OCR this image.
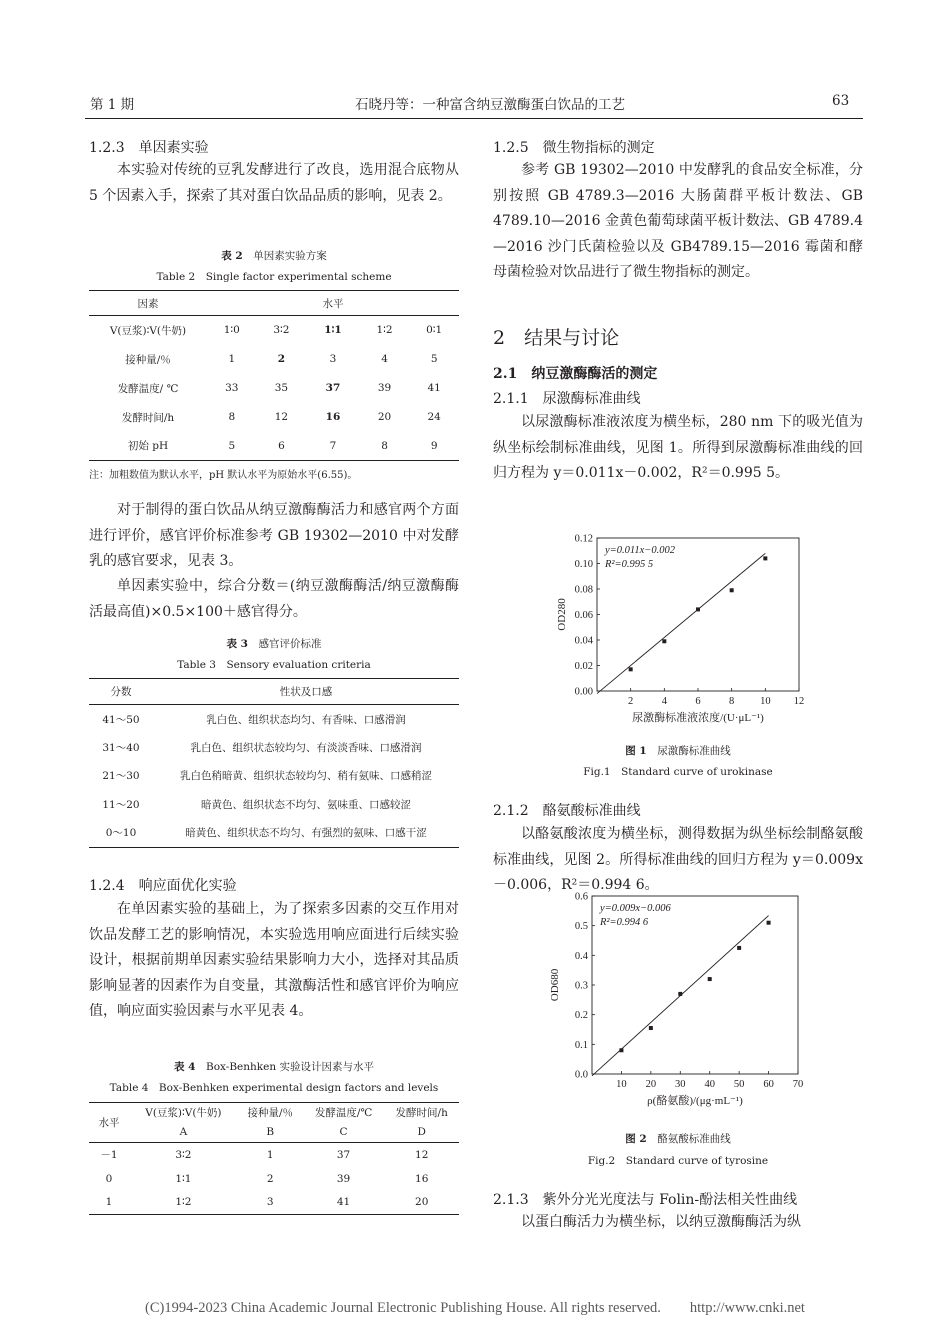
第 1 期	石晓丹等：一种富含纳豆激酶蛋白饮品的工艺	63
1.2.3　单因素实验

本实验对传统的豆乳发酵进行了改良，选用混合底物从 5 个因素入手，探索了其对蛋白饮品品质的影响，见表 2。

表 2　 单因素实验方案
Table 2　Single factor experimental scheme
因素	水平				
V(豆浆)∶V(牛奶)	1∶0	3∶2	1∶1	1∶2	0∶1
接种量/％	1	2	3	4	5
发酵温度/ ℃	33	35	37	39	41
发酵时间/h	8	12	16	20	24
初始 pH	5	6	7	8	9
注：加粗数值为默认水平，pH 默认水平为原始水平(6.55)。

对于制得的蛋白饮品从纳豆激酶酶活力和感官两个方面进行评价，感官评价标准参考 GB 19302—2010 中对发酵乳的感官要求，见表 3。

单因素实验中，综合分数＝(纳豆激酶酶活/纳豆激酶酶活最高值)×0.5×100＋感官得分。

表 3　 感官评价标准
Table 3　Sensory evaluation criteria
分数	性状及口感
41～50	乳白色、组织状态均匀、有香味、口感滑润
31～40	乳白色、组织状态较均匀、有淡淡香味、口感滑润
21～30	乳白色稍暗黄、组织状态较均匀、稍有氨味、口感稍涩
11～20	暗黄色、组织状态不均匀、氨味重、口感较涩
0～10	暗黄色、组织状态不均匀、有强烈的氨味、口感干涩
1.2.4　响应面优化实验

在单因素实验的基础上，为了探索多因素的交互作用对饮品发酵工艺的影响情况，本实验选用响应面进行后续实验设计，根据前期单因素实验结果影响力大小，选择对其品质影响显著的因素作为自变量，其激酶活性和感官评价为响应值，响应面实验因素与水平见表 4。

表 4　 Box-Benhken 实验设计因素与水平
Table 4　Box-Benhken experimental design factors and levels
水平	V(豆浆)∶V(牛奶)	接种量/％	发酵温度/℃	发酵时间/h
	A	B	C	D
－1	3∶2	1	37	12
0	1∶1	2	39	16
1	1∶2	3	41	20
1.2.5　微生物指标的测定

参考 GB 19302—2010 中发酵乳的食品安全标准，分别按照 GB 4789.3—2016 大肠菌群平板计数法、GB 4789.10—2016 金黄色葡萄球菌平板计数法、GB 4789.4—2016 沙门氏菌检验以及 GB4789.15—2016 霉菌和酵母菌检验对饮品进行了微生物指标的测定。

2　结果与讨论
2.1　纳豆激酶酶活的测定
2.1.1　尿激酶标准曲线

以尿激酶标准液浓度为横坐标，280 nm 下的吸光值为纵坐标绘制标准曲线，见图 1。所得到尿激酶标准曲线的回归方程为 y＝0.011x－0.002，R²＝0.995 5。

0.00
0.02
0.04
0.06
0.08
0.10
0.12
2	4	6	8 10 12
y=0.011x−0.002
R²=0.995 5
尿激酶标准液浓度/(U·μL⁻¹)
OD280
图 1　 尿激酶标准曲线
Fig.1　Standard curve of urokinase
2.1.2　酪氨酸标准曲线

以酪氨酸浓度为横坐标，测得数据为纵坐标绘制酪氨酸标准曲线，见图 2。所得标准曲线的回归方程为 y＝0.009x－0.006，R²＝0.994 6。

0.0
0.1
0.2
0.3
0.4
0.5
0.6
10 20 30 40 50 60 70
y=0.009x−0.006
R²=0.994 6
ρ(酪氨酸)/(μg·mL⁻¹)
OD680
图 2　 酪氨酸标准曲线
Fig.2　Standard curve of tyrosine
2.1.3　紫外分光光度法与 Folin-酚法相关性曲线

以蛋白酶活力为横坐标，以纳豆激酶酶活为纵

(C)1994-2023 China Academic Journal Electronic Publishing House. All rights reserved.　　http://www.cnki.net
